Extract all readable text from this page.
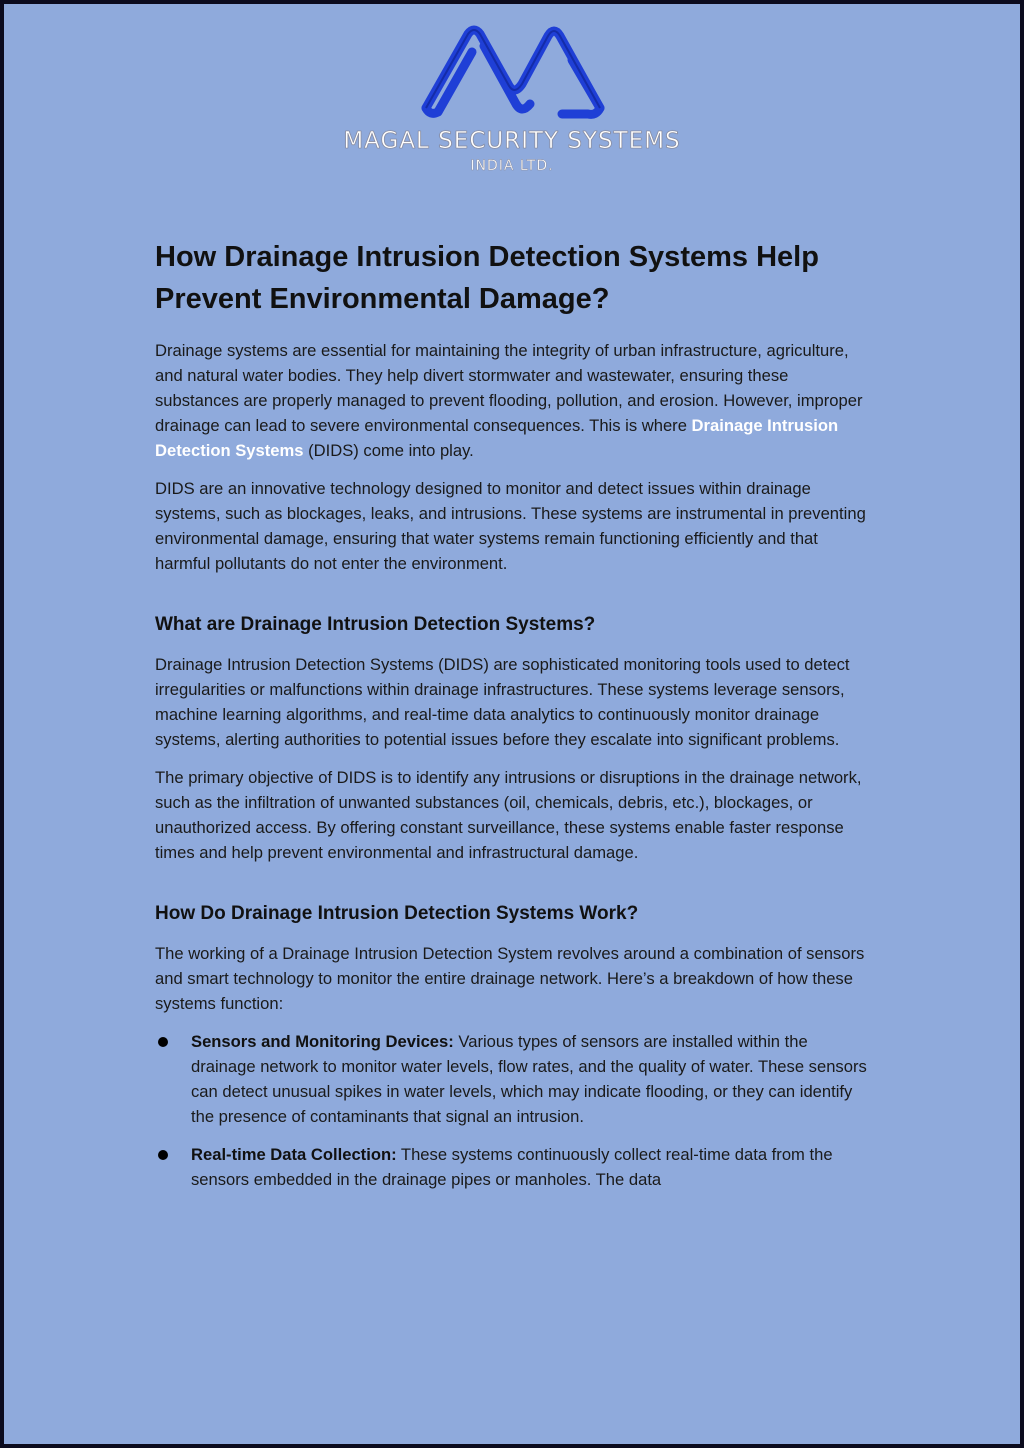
MAGAL SECURITY SYSTEMS
INDIA LTD.
How Drainage Intrusion Detection Systems Help Prevent Environmental Damage?

Drainage systems are essential for maintaining the integrity of urban infrastructure, agriculture, and natural water bodies. They help divert stormwater and wastewater, ensuring these substances are properly managed to prevent flooding, pollution, and erosion. However, improper drainage can lead to severe environmental consequences. This is where Drainage Intrusion Detection Systems (DIDS) come into play.

DIDS are an innovative technology designed to monitor and detect issues within drainage systems, such as blockages, leaks, and intrusions. These systems are instrumental in preventing environmental damage, ensuring that water systems remain functioning efficiently and that harmful pollutants do not enter the environment.

What are Drainage Intrusion Detection Systems?

Drainage Intrusion Detection Systems (DIDS) are sophisticated monitoring tools used to detect irregularities or malfunctions within drainage infrastructures. These systems leverage sensors, machine learning algorithms, and real-time data analytics to continuously monitor drainage systems, alerting authorities to potential issues before they escalate into significant problems.

The primary objective of DIDS is to identify any intrusions or disruptions in the drainage network, such as the infiltration of unwanted substances (oil, chemicals, debris, etc.), blockages, or unauthorized access. By offering constant surveillance, these systems enable faster response times and help prevent environmental and infrastructural damage.

How Do Drainage Intrusion Detection Systems Work?

The working of a Drainage Intrusion Detection System revolves around a combination of sensors and smart technology to monitor the entire drainage network. Here’s a breakdown of how these systems function:

Sensors and Monitoring Devices: Various types of sensors are installed within the drainage network to monitor water levels, flow rates, and the quality of water. These sensors can detect unusual spikes in water levels, which may indicate flooding, or they can identify the presence of contaminants that signal an intrusion.
Real-time Data Collection: These systems continuously collect real-time data from the sensors embedded in the drainage pipes or manholes. The data
